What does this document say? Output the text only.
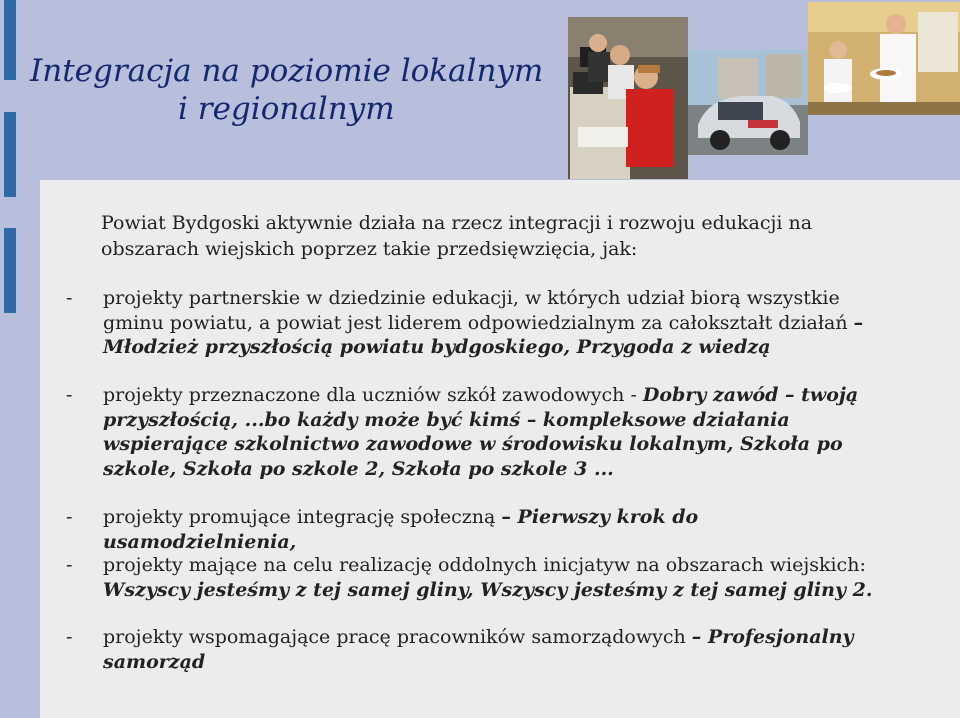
Integracja na poziomie lokalnym
i regionalnym
Powiat Bydgoski aktywnie działa na rzecz integracji i rozwoju edukacji na obszarach wiejskich poprzez takie przedsięwzięcia, jak:
- projekty partnerskie w dziedzinie edukacji, w których udział biorą wszystkie gminu powiatu, a powiat jest liderem odpowiedzialnym za całokształt działań – Młodzież przyszłością powiatu bydgoskiego, Przygoda z wiedzą
- projekty przeznaczone dla uczniów szkół zawodowych - Dobry zawód – twoją przyszłością, ...bo każdy może być kimś – kompleksowe działania wspierające szkolnictwo zawodowe w środowisku lokalnym, Szkoła po szkole, Szkoła po szkole 2, Szkoła po szkole 3 ...
- projekty promujące integrację społeczną – Pierwszy krok do usamodzielnienia,
- projekty mające na celu realizację oddolnych inicjatyw na obszarach wiejskich: Wszyscy jesteśmy z tej samej gliny, Wszyscy jesteśmy z tej samej gliny 2.
- projekty wspomagające pracę pracowników samorządowych – Profesjonalny samorząd
